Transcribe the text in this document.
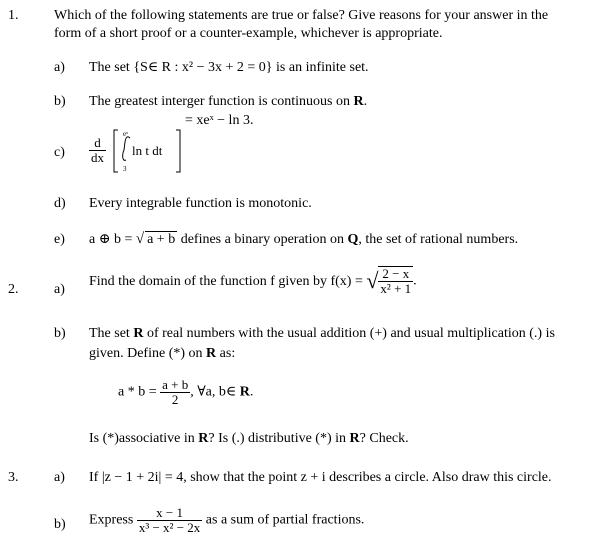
1.	Which of the following statements are true or false? Give reasons for your answer in the
form of a short proof or a counter-example, whichever is appropriate.
a) The set {S∈ R : x² − 3x + 2 = 0} is an infinite set.
b) The greatest interger function is continuous on R.
$c) \frac{d}{dx}$

eˣ
3
ln t dt
= xeˣ − ln 3.
d) Every integrable function is monotonic.
e) a ⊕ b = √ a + b defines a binary operation on Q, the set of rational numbers.
2.	a)
Find the domain of the function f given by f(x) = √ $\frac{2 - x}{\text{x² + 1}}$ .
b) The set R of real numbers with the usual addition (+) and usual multiplication (.) is
given. Define (*) on R as:
$a * b = \frac{a + b}{2}$ , ∀a, b∈ R.
Is (*)associative in R? Is (.) distributive (*) in R? Check.
3.	a) If |z − 1 + 2i| = 4, show that the point z + i describes a circle. Also draw this circle.
b) Express $\frac{x - 1}{\text{x³ − x² − 2x}}$ as a sum of partial fractions.
